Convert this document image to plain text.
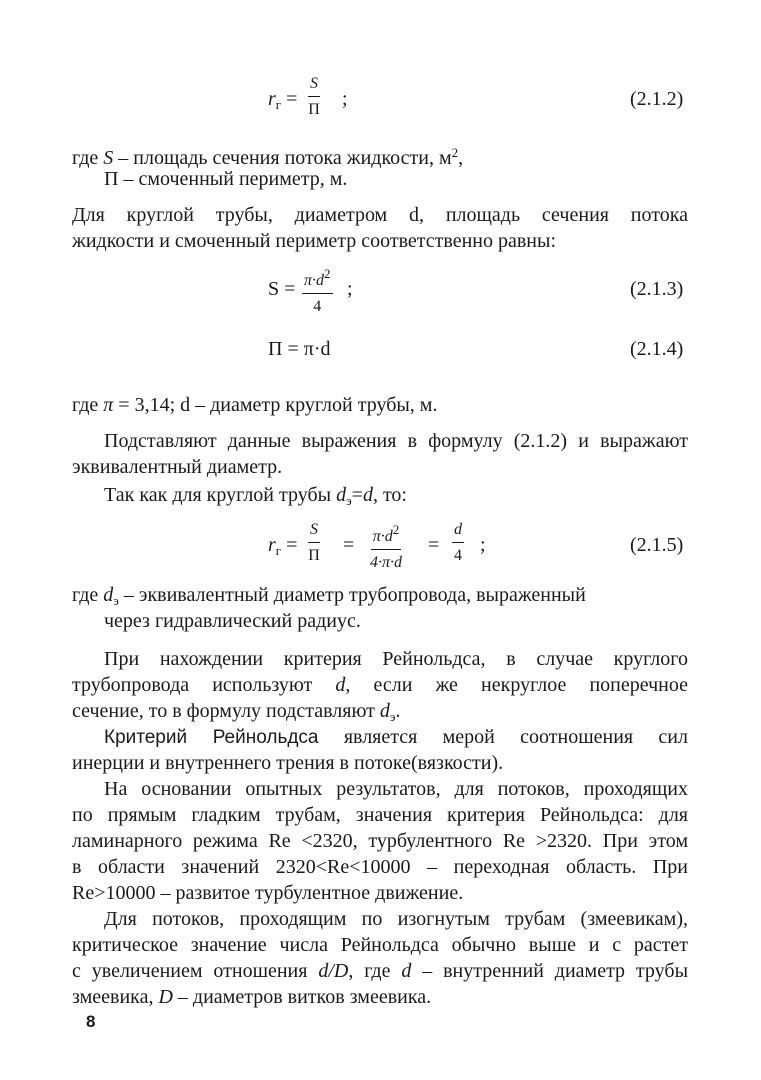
$r_г$ =
S
П ;	(2.1.2)
где S – площадь сечения потока жидкости, $м^2$,
П – смоченный периметр, м.
Для круглой трубы, диаметром d, площадь сечения потока
жидкости и смоченный периметр соответственно равны:
$S = \pi\cdot d^2$
4
;	(2.1.3)
П = π·d	(2.1.4)
где π = 3,14; d – диаметр круглой трубы, м.
Подставляют данные выражения в формулу (2.1.2) и выражают
эквивалентный диаметр.
Так как для круглой трубы $d_э=d$, то:
$r_г$ =
S
$П = \pi\cdot d^2$
4·π·d
=
d
4 ;	(2.1.5)
где $d_э$ – эквивалентный диаметр трубопровода, выраженный
через гидравлический радиус.
При нахождении критерия Рейнольдса, в случае круглого
трубопровода используют d, если же некруглое поперечное
сечение, то в формулу подставляют $d_э$.
Критерий Рейнольдса является мерой соотношения сил
инерции и внутреннего трения в потоке(вязкости).
На основании опытных результатов, для потоков, проходящих
по прямым гладким трубам, значения критерия Рейнольдса: для
ламинарного режима Re <2320, турбулентного Re >2320. При этом
в области значений 2320<Re<10000 – переходная область. При
Re>10000 – развитое турбулентное движение.
Для потоков, проходящим по изогнутым трубам (змеевикам),
критическое значение числа Рейнольдса обычно выше и с растет
с увеличением отношения d/D, где d – внутренний диаметр трубы
змеевика, D – диаметров витков змеевика.
8
